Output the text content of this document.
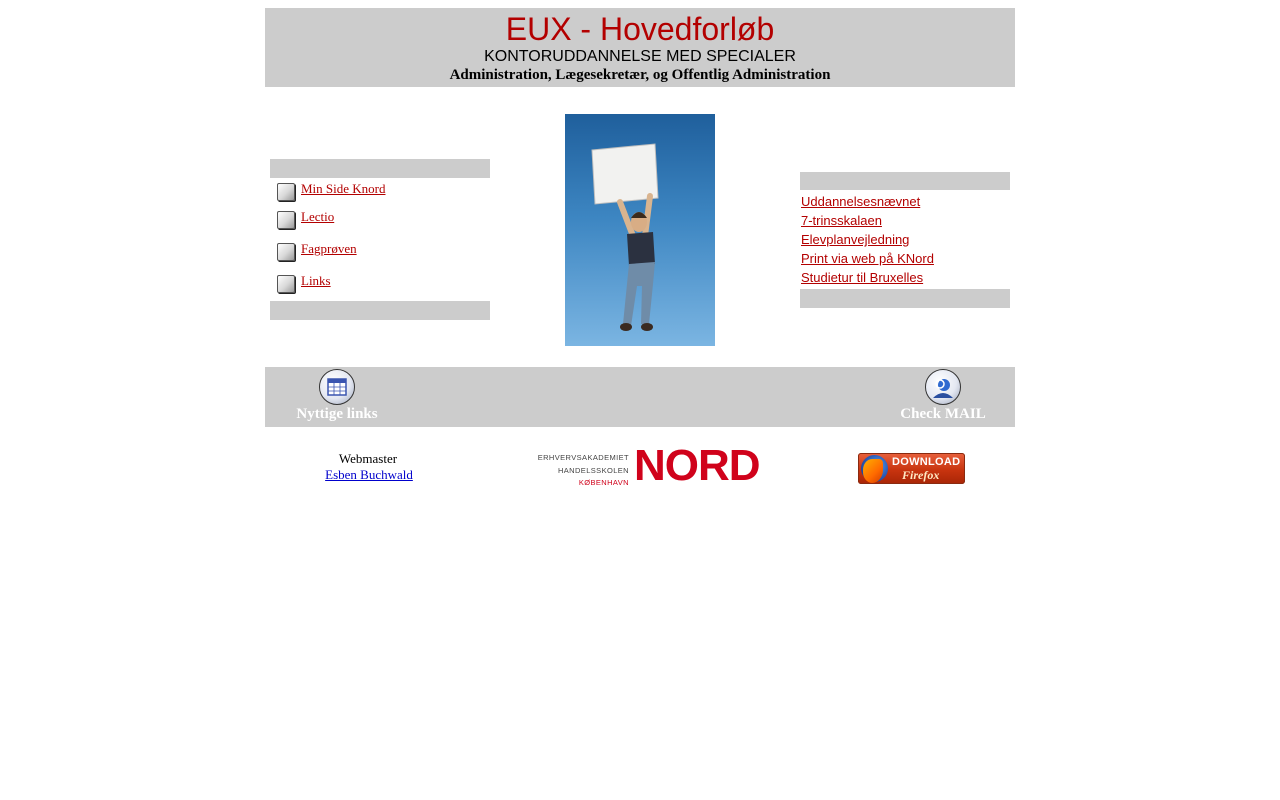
EUX - Hovedforløb
KONTORUDDANNELSE MED SPECIALER
Administration, Lægesekretær, og Offentlig Administration
Min Side Knord
Lectio
Fagprøven
Links
Uddannelsesnævnet
7-trinsskalaen
Elevplanvejledning
Print via web på KNord
Studietur til Bruxelles
Nyttige links	Check MAIL
Webmaster
Esben Buchwald
ERHVERVSAKADEMIET
HANDELSSKOLEN
KØBENHAVN NORD	DOWNLOAD
Firefox
